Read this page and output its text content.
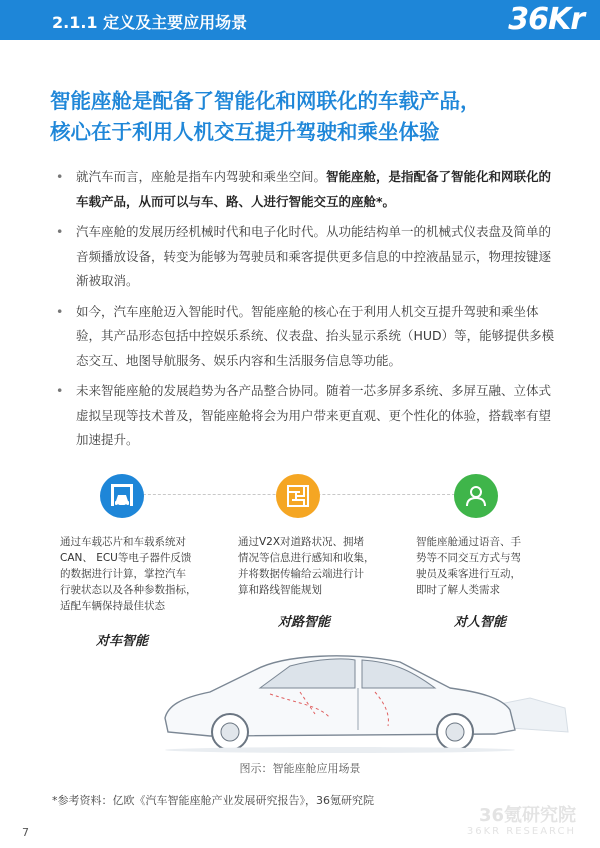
2.1.1 定义及主要应用场景	36Kr
智能座舱是配备了智能化和网联化的车载产品，
核心在于利用人机交互提升驾驶和乘坐体验
• 就汽车而言，座舱是指车内驾驶和乘坐空间。智能座舱，是指配备了智能化和网联化的车载产品，从而可以与车、路、人进行智能交互的座舱*。
• 汽车座舱的发展历经机械时代和电子化时代。从功能结构单一的机械式仪表盘及简单的音频播放设备，转变为能够为驾驶员和乘客提供更多信息的中控液晶显示，物理按键逐渐被取消。
• 如今，汽车座舱迈入智能时代。智能座舱的核心在于利用人机交互提升驾驶和乘坐体验，其产品形态包括中控娱乐系统、仪表盘、抬头显示系统（HUD）等，能够提供多模态交互、地图导航服务、娱乐内容和生活服务信息等功能。
• 未来智能座舱的发展趋势为各产品整合协同。随着一芯多屏多系统、多屏互融、立体式虚拟呈现等技术普及，智能座舱将会为用户带来更直观、更个性化的体验，搭载率有望加速提升。
通过车载芯片和车载系统对
CAN、 ECU等电子器件反馈
的数据进行计算，掌控汽车
行驶状态以及各种参数指标，
适配车辆保持最佳状态
通过V2X对道路状况、拥堵
情况等信息进行感知和收集，
并将数据传输给云端进行计
算和路线智能规划
智能座舱通过语音、手
势等不同交互方式与驾
驶员及乘客进行互动，
即时了解人类需求
对车智能
对路智能	对人智能
图示：智能座舱应用场景
*参考资料：亿欧《汽车智能座舱产业发展研究报告》，36氪研究院
36氪研究院
36KR RESEARCH
7
